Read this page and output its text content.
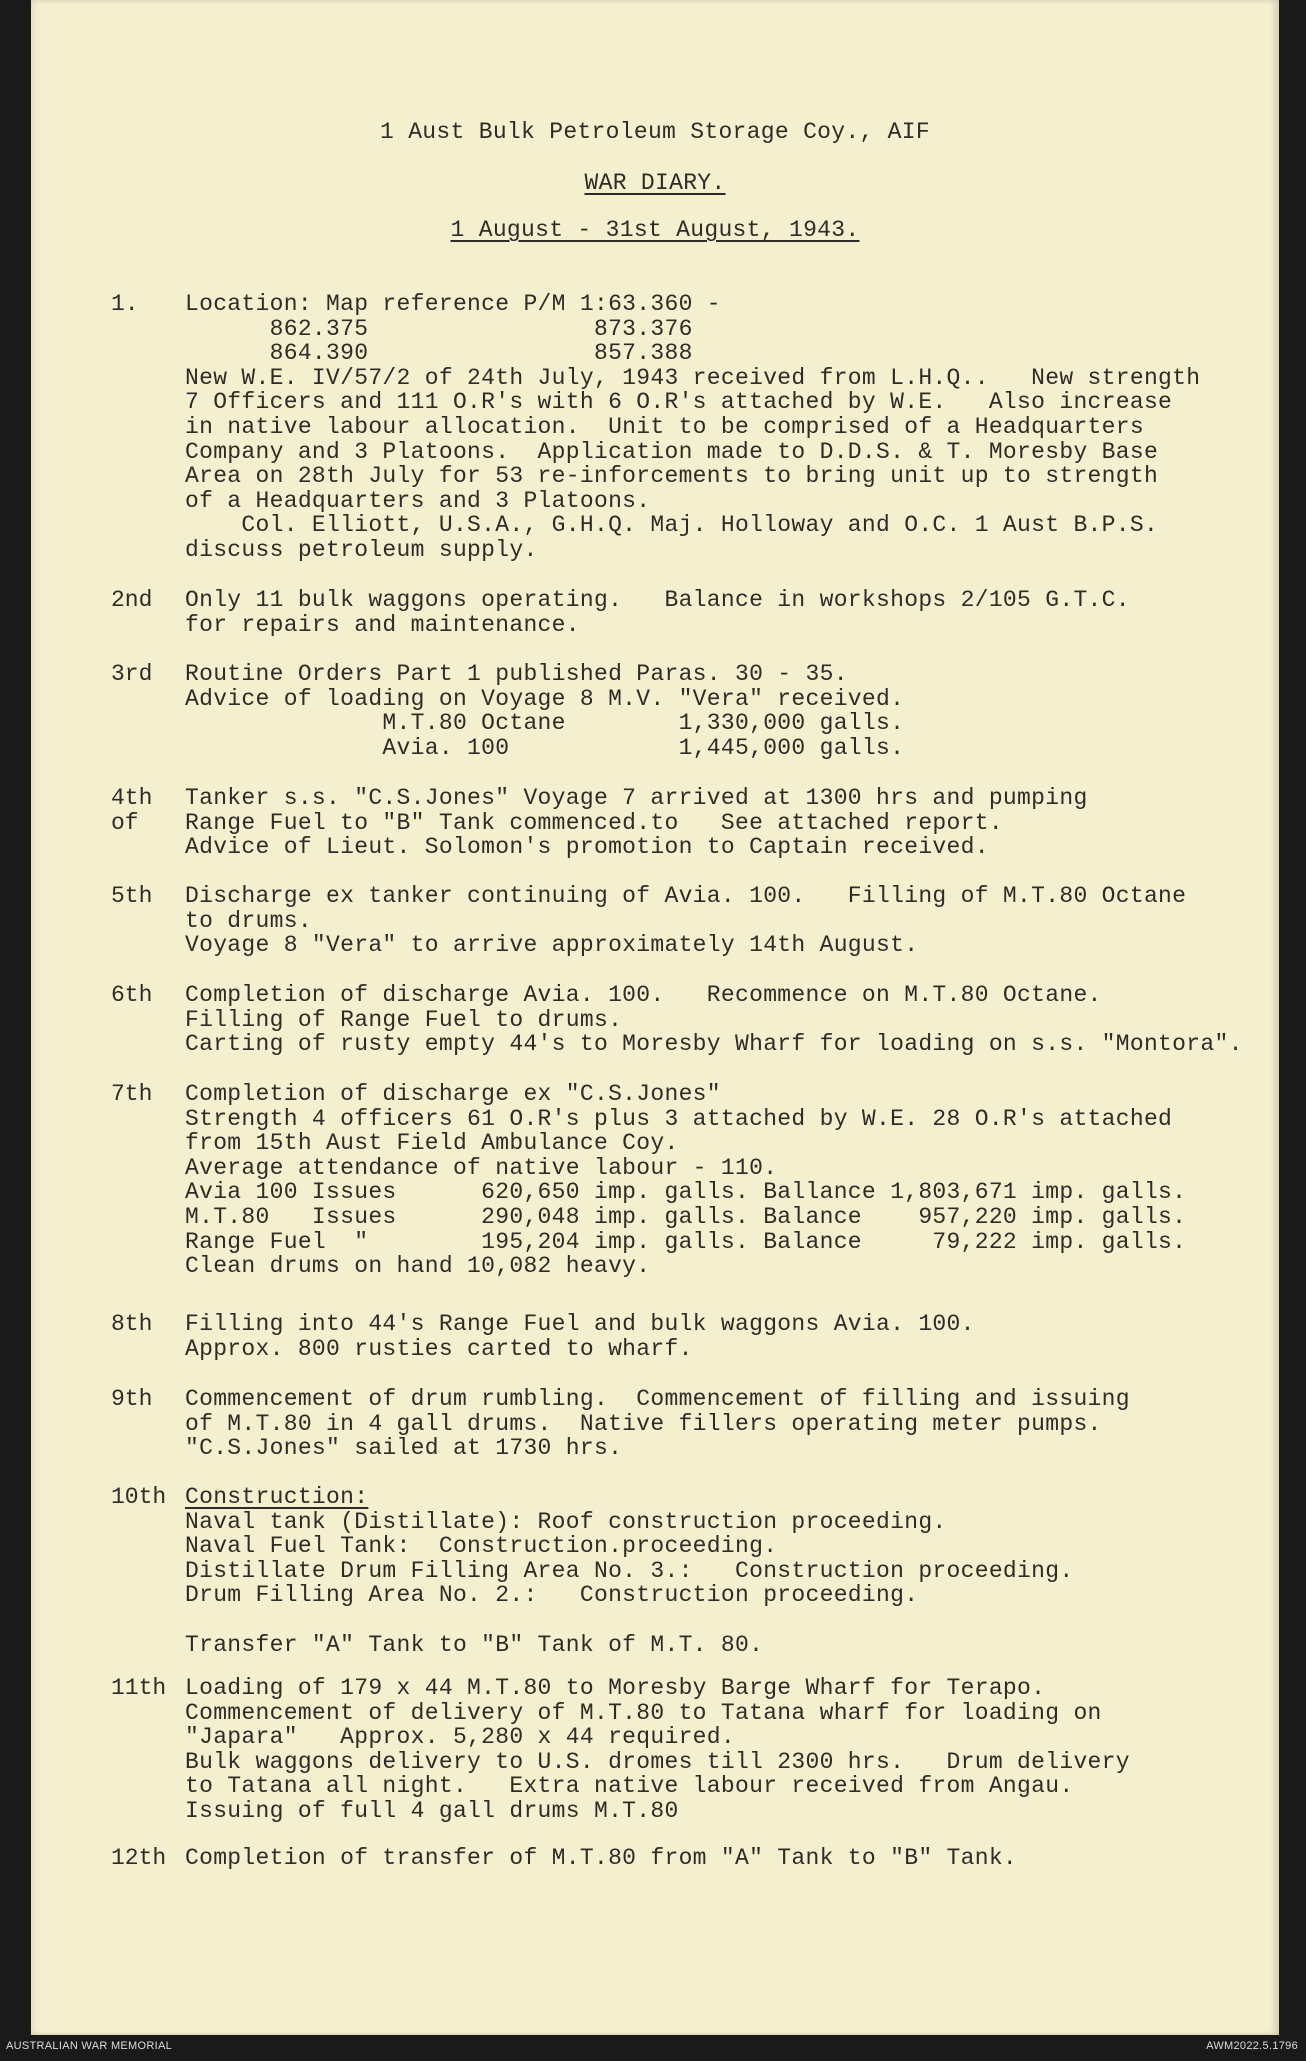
1 Aust Bulk Petroleum Storage Coy., AIF
WAR DIARY.
1 August - 31st August, 1943.
1. Location: Map reference P/M 1:63.360 -
862.375                873.376
864.390                857.388
New W.E. IV/57/2 of 24th July, 1943 received from L.H.Q..   New strength
7 Officers and 111 O.R's with 6 O.R's attached by W.E.   Also increase
in native labour allocation.  Unit to be comprised of a Headquarters
Company and 3 Platoons.  Application made to D.D.S. & T. Moresby Base
Area on 28th July for 53 re-inforcements to bring unit up to strength
of a Headquarters and 3 Platoons.
Col. Elliott, U.S.A., G.H.Q. Maj. Holloway and O.C. 1 Aust B.P.S.
discuss petroleum supply.
2nd Only 11 bulk waggons operating.   Balance in workshops 2/105 G.T.C.
for repairs and maintenance.
3rd Routine Orders Part 1 published Paras. 30 - 35.
Advice of loading on Voyage 8 M.V. "Vera" received.
M.T.80 Octane        1,330,000 galls.
Avia. 100            1,445,000 galls.
4th
of
Tanker s.s. "C.S.Jones" Voyage 7 arrived at 1300 hrs and pumping
Range Fuel to "B" Tank commenced.to   See attached report.
Advice of Lieut. Solomon's promotion to Captain received.
5th Discharge ex tanker continuing of Avia. 100.   Filling of M.T.80 Octane
to drums.
Voyage 8 "Vera" to arrive approximately 14th August.
6th Completion of discharge Avia. 100.   Recommence on M.T.80 Octane.
Filling of Range Fuel to drums.
Carting of rusty empty 44's to Moresby Wharf for loading on s.s. "Montora".
7th Completion of discharge ex "C.S.Jones"
Strength 4 officers 61 O.R's plus 3 attached by W.E. 28 O.R's attached
from 15th Aust Field Ambulance Coy.
Average attendance of native labour - 110.
Avia 100 Issues      620,650 imp. galls. Ballance 1,803,671 imp. galls.
M.T.80   Issues      290,048 imp. galls. Balance    957,220 imp. galls.
Range Fuel  "        195,204 imp. galls. Balance     79,222 imp. galls.
Clean drums on hand 10,082 heavy.
8th Filling into 44's Range Fuel and bulk waggons Avia. 100.
Approx. 800 rusties carted to wharf.
9th Commencement of drum rumbling.  Commencement of filling and issuing
of M.T.80 in 4 gall drums.  Native fillers operating meter pumps.
"C.S.Jones" sailed at 1730 hrs.
10th Construction:
Naval tank (Distillate): Roof construction proceeding.
Naval Fuel Tank:  Construction.proceeding.
Distillate Drum Filling Area No. 3.:   Construction proceeding.
Drum Filling Area No. 2.:   Construction proceeding.
Transfer "A" Tank to "B" Tank of M.T. 80.
11th Loading of 179 x 44 M.T.80 to Moresby Barge Wharf for Terapo.
Commencement of delivery of M.T.80 to Tatana wharf for loading on
"Japara"   Approx. 5,280 x 44 required.
Bulk waggons delivery to U.S. dromes till 2300 hrs.   Drum delivery
to Tatana all night.   Extra native labour received from Angau.
Issuing of full 4 gall drums M.T.80
12th Completion of transfer of M.T.80 from "A" Tank to "B" Tank.
AUSTRALIAN WAR MEMORIAL	AWM2022.5.1796
